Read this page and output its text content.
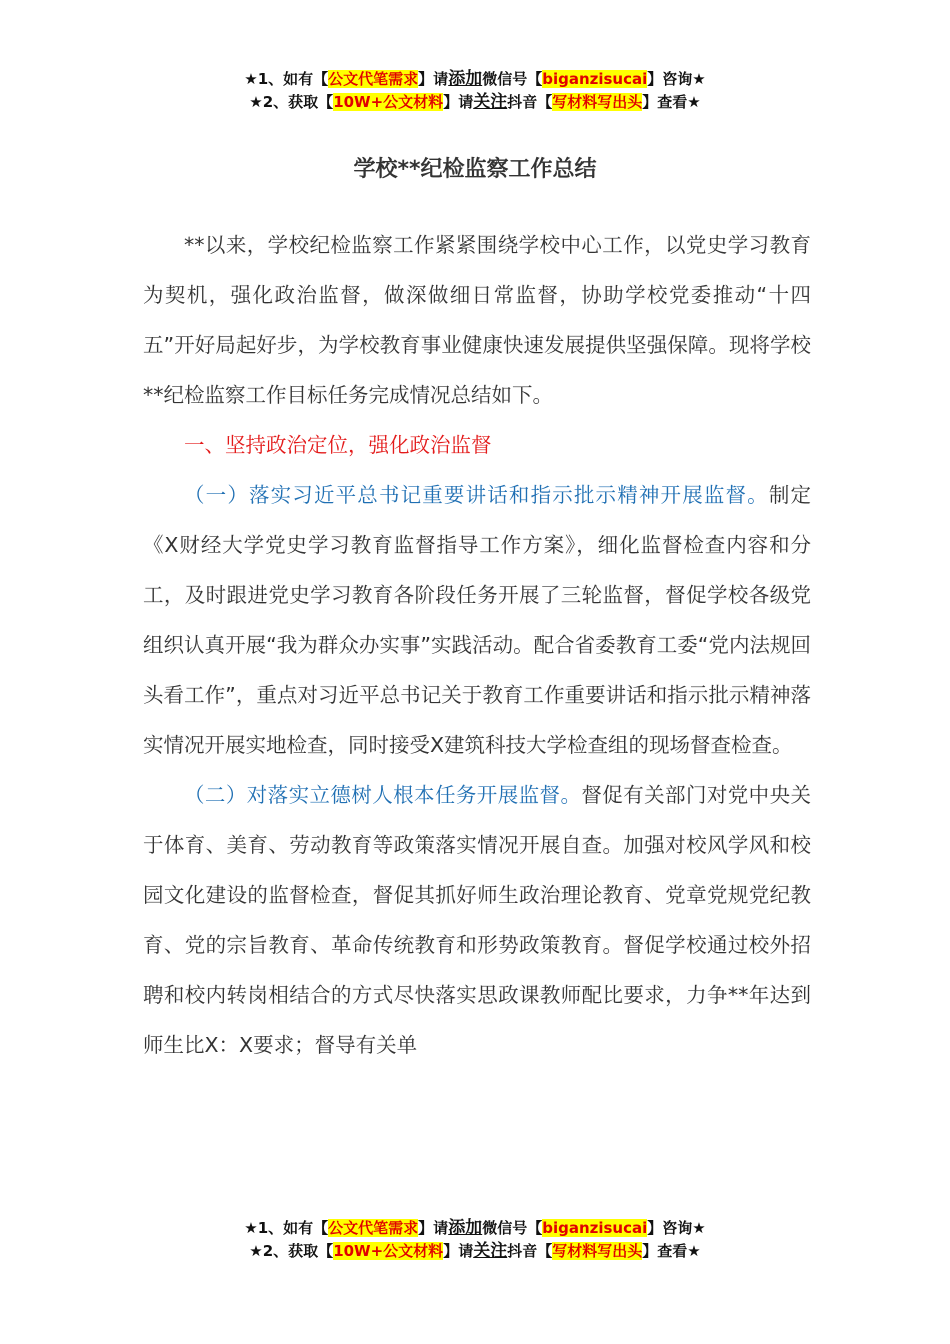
★1、如有【公文代笔需求】请添加微信号【biganzisucai】咨询★
★2、获取【10W+公文材料】请关注抖音【写材料写出头】查看★
学校**纪检监察工作总结

**以来，学校纪检监察工作紧紧围绕学校中心工作，以党史学习教育为契机，强化政治监督，做深做细日常监督，协助学校党委推动“十四五”开好局起好步，为学校教育事业健康快速发展提供坚强保障。现将学校**纪检监察工作目标任务完成情况总结如下。

一、坚持政治定位，强化政治监督

（一）落实习近平总书记重要讲话和指示批示精神开展监督。制定《X财经大学党史学习教育监督指导工作方案》，细化监督检查内容和分工，及时跟进党史学习教育各阶段任务开展了三轮监督，督促学校各级党组织认真开展“我为群众办实事”实践活动。配合省委教育工委“党内法规回头看工作”，重点对习近平总书记关于教育工作重要讲话和指示批示精神落实情况开展实地检查，同时接受X建筑科技大学检查组的现场督查检查。

（二）对落实立德树人根本任务开展监督。督促有关部门对党中央关于体育、美育、劳动教育等政策落实情况开展自查。加强对校风学风和校园文化建设的监督检查，督促其抓好师生政治理论教育、党章党规党纪教育、党的宗旨教育、革命传统教育和形势政策教育。督促学校通过校外招聘和校内转岗相结合的方式尽快落实思政课教师配比要求，力争**年达到师生比X：X要求；督导有关单

★1、如有【公文代笔需求】请添加微信号【biganzisucai】咨询★
★2、获取【10W+公文材料】请关注抖音【写材料写出头】查看★
